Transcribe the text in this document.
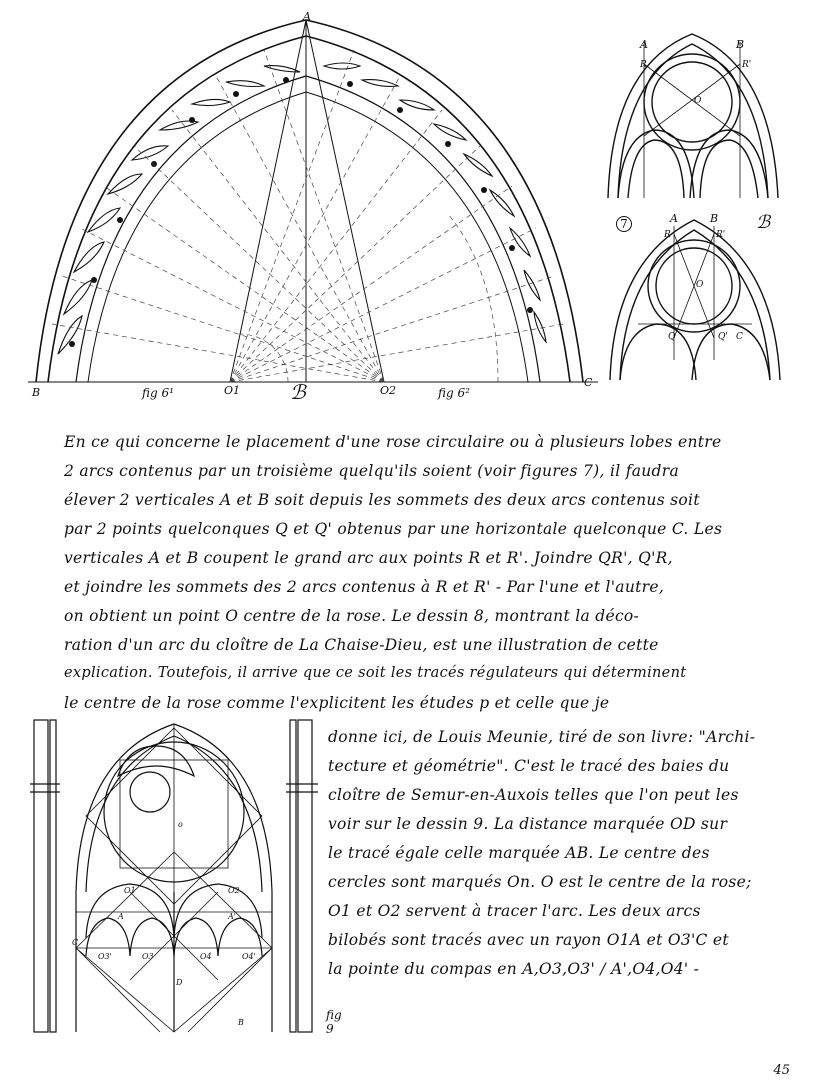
A
B
C
O1	O2
fig 6¹	fig 6²
ℬ
A	B
R	R'
O
7	A	B
R	R'
O
Q	Q' C
ℬ
En ce qui concerne le placement d'une rose circulaire ou à plusieurs lobes entre
2 arcs contenus par un troisième quelqu'ils soient (voir figures 7), il faudra
élever 2 verticales A et B soit depuis les sommets des deux arcs contenus soit
par 2 points quelconques Q et Q' obtenus par une horizontale quelconque C. Les
verticales A et B coupent le grand arc aux points R et R'. Joindre QR', Q'R,
et joindre les sommets des 2 arcs contenus à R et R' - Par l'une et l'autre,
on obtient un point O centre de la rose. Le dessin 8, montrant la déco-
ration d'un arc du cloître de La Chaise-Dieu, est une illustration de cette
explication. Toutefois, il arrive que ce soit les tracés régulateurs qui déterminent
le centre de la rose comme l'explicitent les études p et celle que je
donne ici, de Louis Meunie, tiré de son livre: "Archi-
tecture et géométrie". C'est le tracé des baies du
cloître de Semur-en-Auxois telles que l'on peut les
voir sur le dessin 9. La distance marquée OD sur
le tracé égale celle marquée AB. Le centre des
cercles sont marqués On. O est le centre de la rose;
O1 et O2 servent à tracer l'arc. Les deux arcs
bilobés sont tracés avec un rayon O1A et O3'C et
la pointe du compas en A,O3,O3' / A',O4,O4' -
o
O1	O2
A	A'
C
O3'	O3	O4	O4'
D
B
fig 9
45
